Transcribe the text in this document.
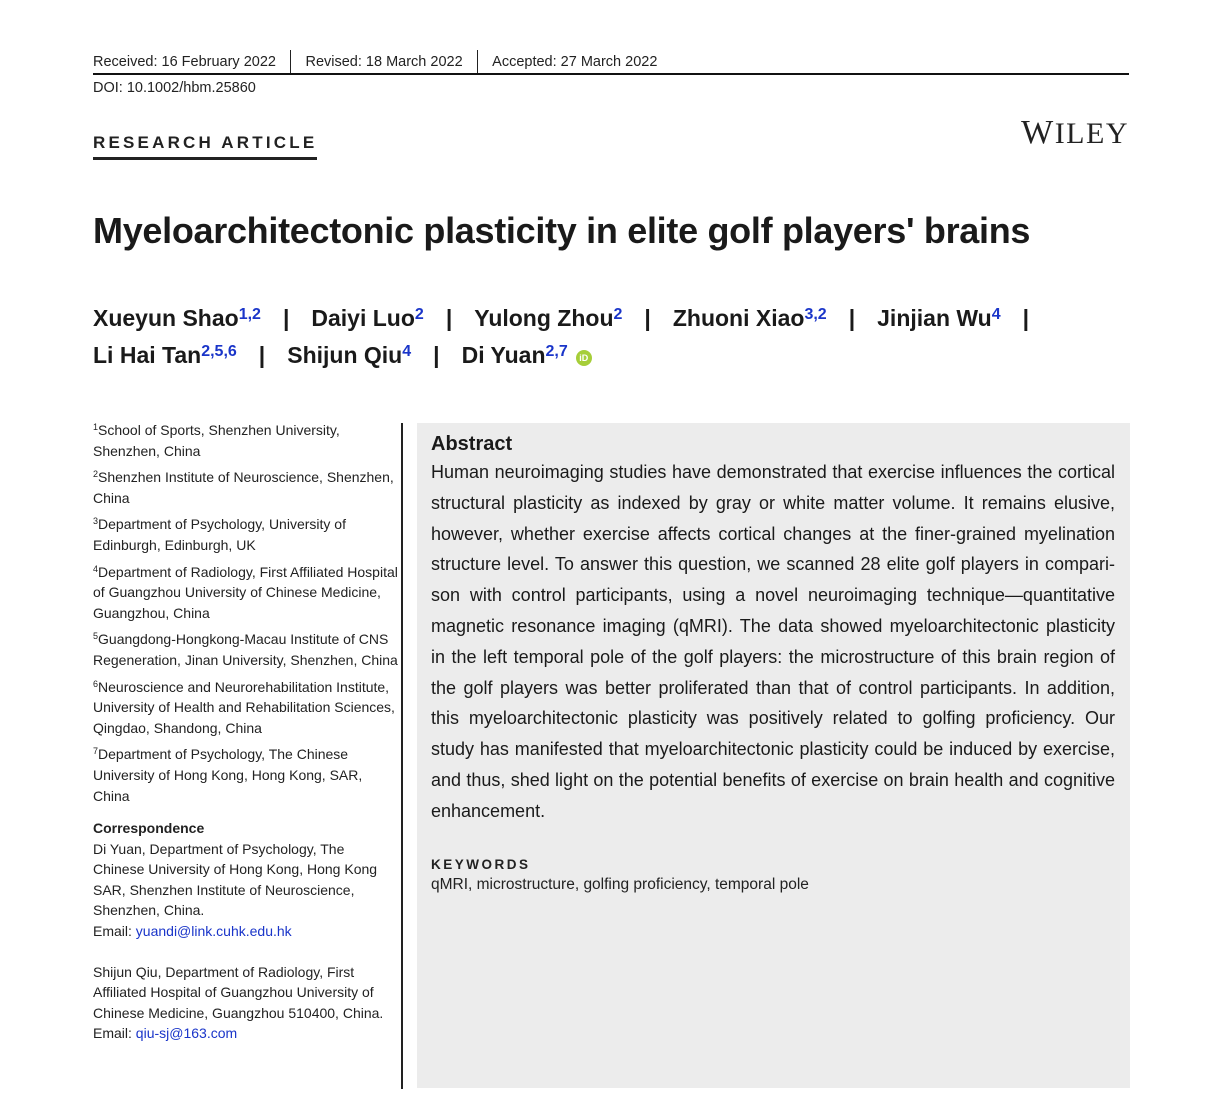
Received: 16 February 2022	Revised: 18 March 2022	Accepted: 27 March 2022
DOI: 10.1002/hbm.25860
RESEARCH ARTICLE	WILEY
Myeloarchitectonic plasticity in elite golf players' brains
Xueyun Shao$^{1,2}$ | Daiyi Luo$^2$ | Yulong Zhou$^2$ | Zhuoni Xiao$^{3,2}$ | Jinjian Wu$^4$ |
Li Hai Tan$^{2,5,6}$ | Shijun Qiu$^4$ | Di Yuan$^{2,7}$ iD
$^1$School of Sports, Shenzhen University, Shenzhen, China
$^2$Shenzhen Institute of Neuroscience, Shenzhen, China
$^3$Department of Psychology, University of Edinburgh, Edinburgh, UK
$^4$Department of Radiology, First Affiliated Hospital of Guangzhou University of Chinese Medicine, Guangzhou, China
$^5$Guangdong-Hongkong-Macau Institute of CNS Regeneration, Jinan University, Shenzhen, China
$^6$Neuroscience and Neurorehabilitation Institute, University of Health and Rehabilitation Sciences, Qingdao, Shandong, China
$^7$Department of Psychology, The Chinese University of Hong Kong, Hong Kong, SAR, China
Correspondence
Di Yuan, Department of Psychology, The Chinese University of Hong Kong, Hong Kong SAR, Shenzhen Institute of Neuroscience, Shenzhen, China.
Email: yuandi@link.cuhk.edu.hk
Shijun Qiu, Department of Radiology, First Affiliated Hospital of Guangzhou University of Chinese Medicine, Guangzhou 510400, China.
Email: qiu-sj@163.com
Abstract
Human neuroimaging studies have demonstrated that exercise influences the cortical structural plasticity as indexed by gray or white matter volume. It remains elusive, however, whether exercise affects cortical changes at the finer-grained myelination structure level. To answer this question, we scanned 28 elite golf players in comparison with control participants, using a novel neuroimaging technique—quantitative magnetic resonance imaging (qMRI). The data showed myeloarchitectonic plasticity in the left temporal pole of the golf players: the microstructure of this brain region of the golf players was better proliferated than that of control participants. In addition, this myeloarchitectonic plasticity was positively related to golfing proficiency. Our study has manifested that myeloarchitectonic plasticity could be induced by exercise, and thus, shed light on the potential benefits of exercise on brain health and cognitive enhancement.
KEYWORDS
qMRI, microstructure, golfing proficiency, temporal pole
